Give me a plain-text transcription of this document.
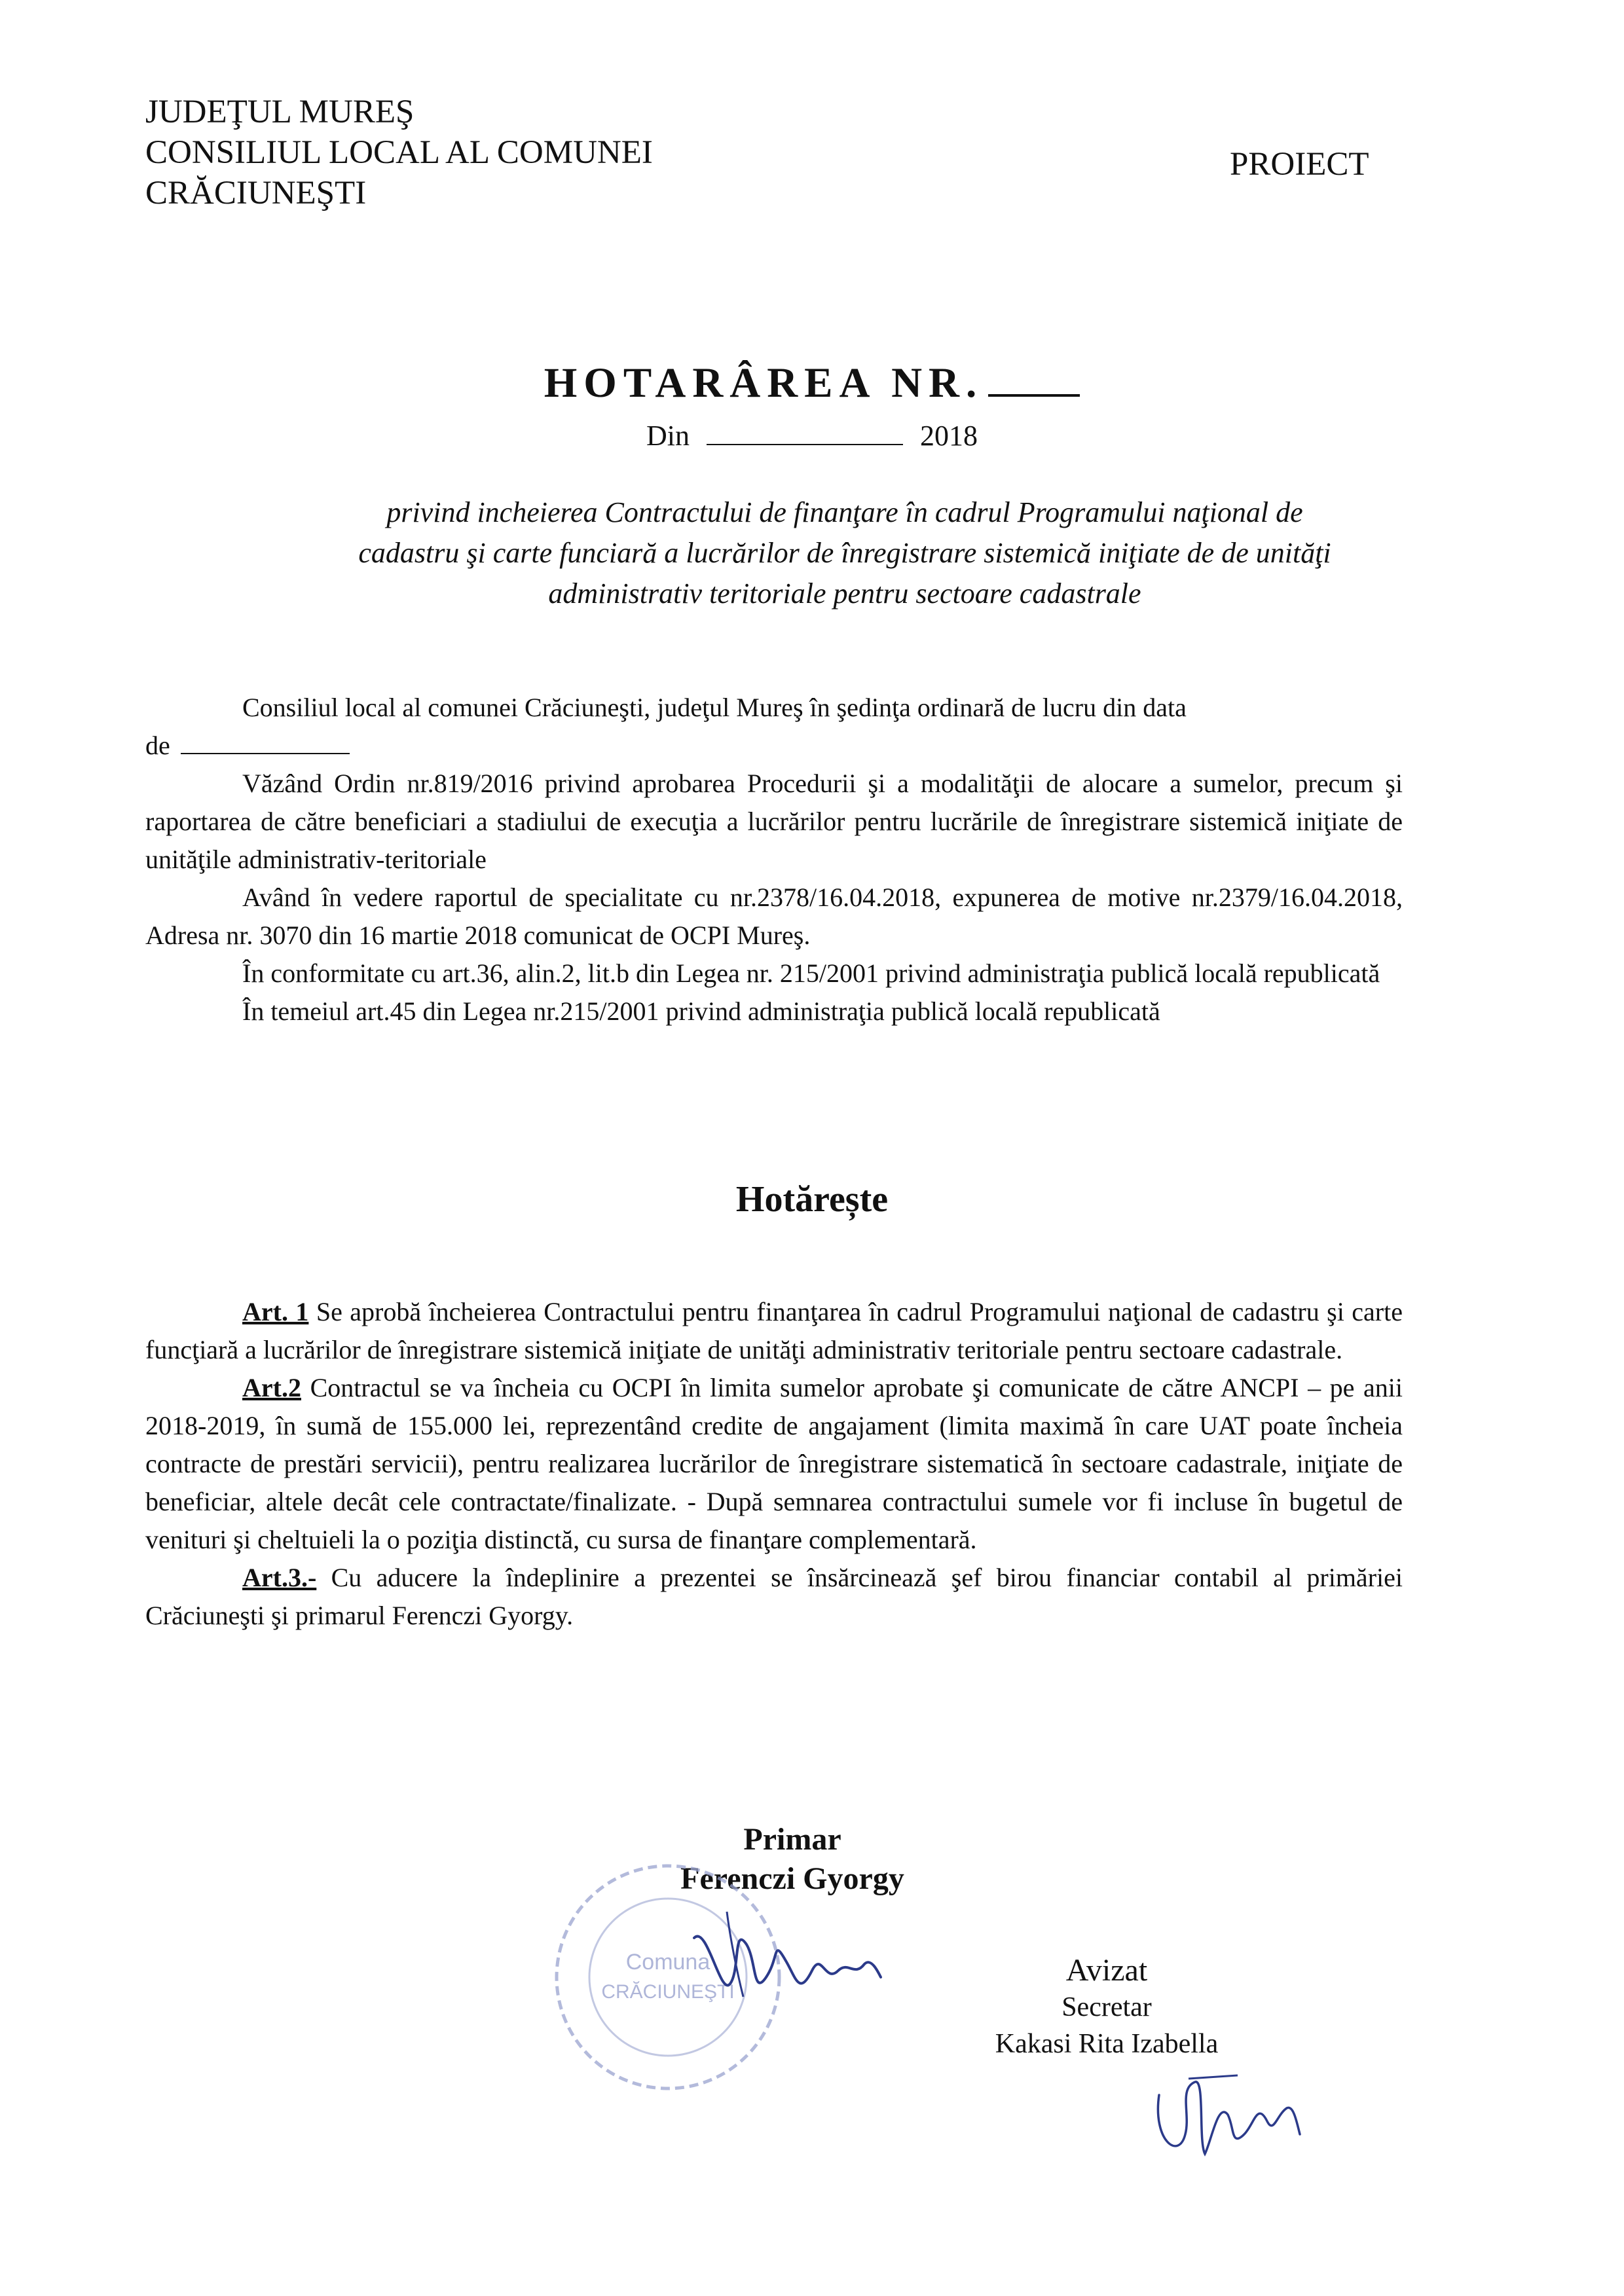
JUDEŢUL MUREŞ
CONSILIUL LOCAL AL COMUNEI
CRĂCIUNEŞTI
PROIECT
HOTARÂREA NR.
Din	2018
privind incheierea Contractului de finanţare în cadrul Programului naţional de
cadastru şi carte funciară a lucrărilor de înregistrare sistemică iniţiate de de unităţi
administrativ teritoriale pentru sectoare cadastrale

Consiliul local al comunei Crăciuneşti, judeţul Mureş în şedinţa ordinară de lucru din data

de

Văzând Ordin nr.819/2016 privind aprobarea Procedurii şi a modalităţii de alocare a sumelor, precum şi raportarea de către beneficiari a stadiului de execuţia a lucrărilor pentru lucrările de înregistrare sistemică iniţiate de unităţile administrativ-teritoriale

Având în vedere raportul de specialitate cu nr.2378/16.04.2018, expunerea de motive nr.2379/16.04.2018, Adresa nr. 3070 din 16 martie 2018 comunicat de OCPI Mureş.

În conformitate cu art.36, alin.2, lit.b din Legea nr. 215/2001 privind administraţia publică locală republicată

În temeiul art.45 din Legea nr.215/2001 privind administraţia publică locală republicată

Hotărește

Art. 1 Se aprobă încheierea Contractului pentru finanţarea în cadrul Programului naţional de cadastru şi carte funcţiară a lucrărilor de înregistrare sistemică iniţiate de unităţi administrativ teritoriale pentru sectoare cadastrale.

Art.2 Contractul se va încheia cu OCPI în limita sumelor aprobate şi comunicate de către ANCPI – pe anii 2018-2019, în sumă de 155.000 lei, reprezentând credite de angajament (limita maximă în care UAT poate încheia contracte de prestări servicii), pentru realizarea lucrărilor de înregistrare sistematică în sectoare cadastrale, iniţiate de beneficiar, altele decât cele contractate/finalizate. - După semnarea contractului sumele vor fi incluse în bugetul de venituri şi cheltuieli la o poziţia distinctă, cu sursa de finanţare complementară.

Art.3.- Cu aducere la îndeplinire a prezentei se însărcinează şef birou financiar contabil al primăriei Crăciuneşti şi primarul Ferenczi Gyorgy.

Primar
Ferenczi Gyorgy
Comuna
CRĂCIUNEŞTI
Avizat
Secretar
Kakasi Rita Izabella
